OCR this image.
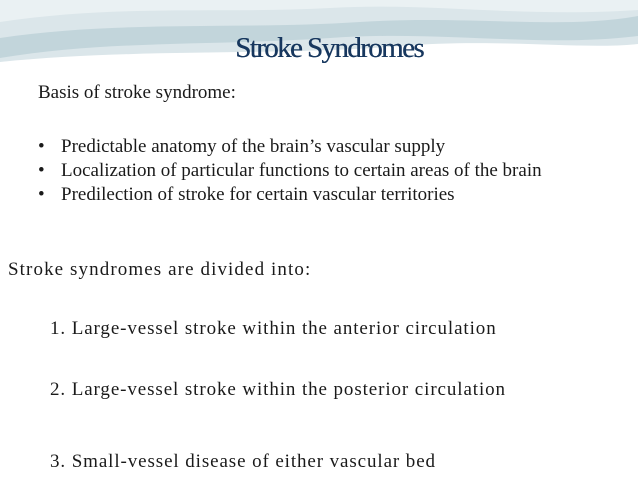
Stroke Syndromes

Basis of stroke syndrome:

• Predictable anatomy of the brain’s vascular supply
• Localization of particular functions to certain areas of the brain
• Predilection of stroke for certain vascular territories

Stroke syndromes are divided into:

1. Large-vessel stroke within the anterior circulation

2. Large-vessel stroke within the posterior circulation

3. Small-vessel disease of either vascular bed
